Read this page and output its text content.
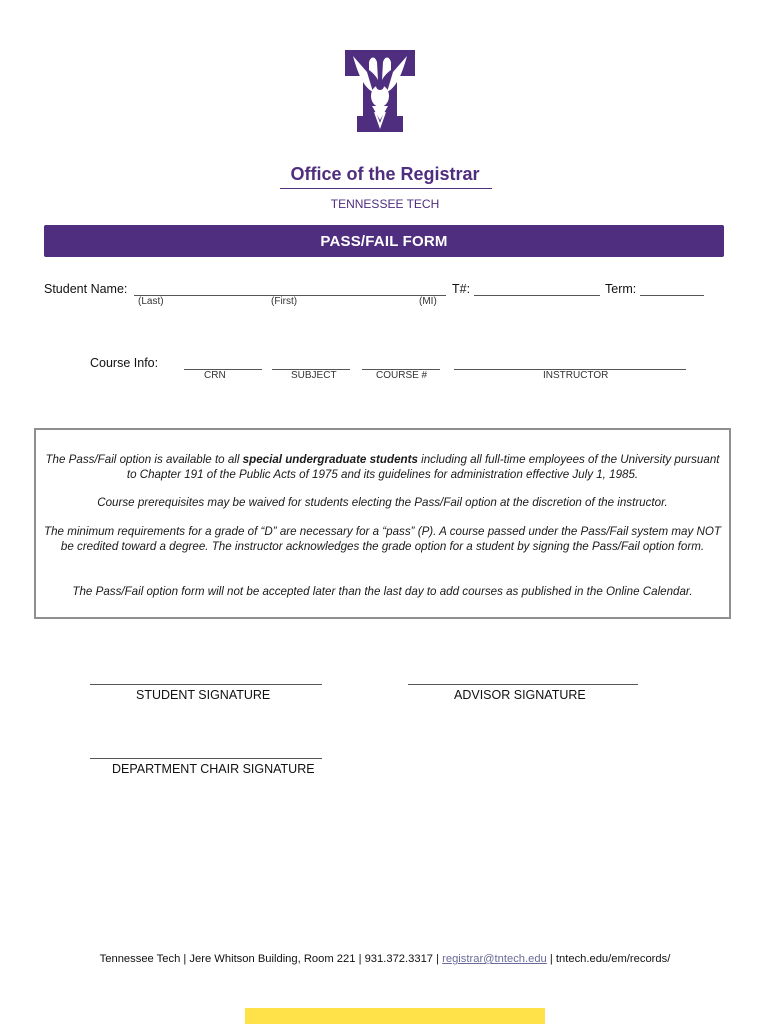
Office of the Registrar
TENNESSEE TECH
PASS/FAIL FORM
Student Name:	T#:	Term:
(Last)	(First)	(MI)
Course Info:
CRN	SUBJECT	COURSE #	INSTRUCTOR

The Pass/Fail option is available to all special undergraduate students including all full-time employees of the University pursuant to Chapter 191 of the Public Acts of 1975 and its guidelines for administration effective July 1, 1985.

Course prerequisites may be waived for students electing the Pass/Fail option at the discretion of the instructor.

The minimum requirements for a grade of “D” are necessary for a “pass” (P). A course passed under the Pass/Fail system may NOT be credited toward a degree. The instructor acknowledges the grade option for a student by signing the Pass/Fail option form.

The Pass/Fail option form will not be accepted later than the last day to add courses as published in the Online Calendar.

STUDENT SIGNATURE	ADVISOR SIGNATURE
DEPARTMENT CHAIR SIGNATURE
Tennessee Tech | Jere Whitson Building, Room 221 | 931.372.3317 | registrar@tntech.edu | tntech.edu/em/records/
